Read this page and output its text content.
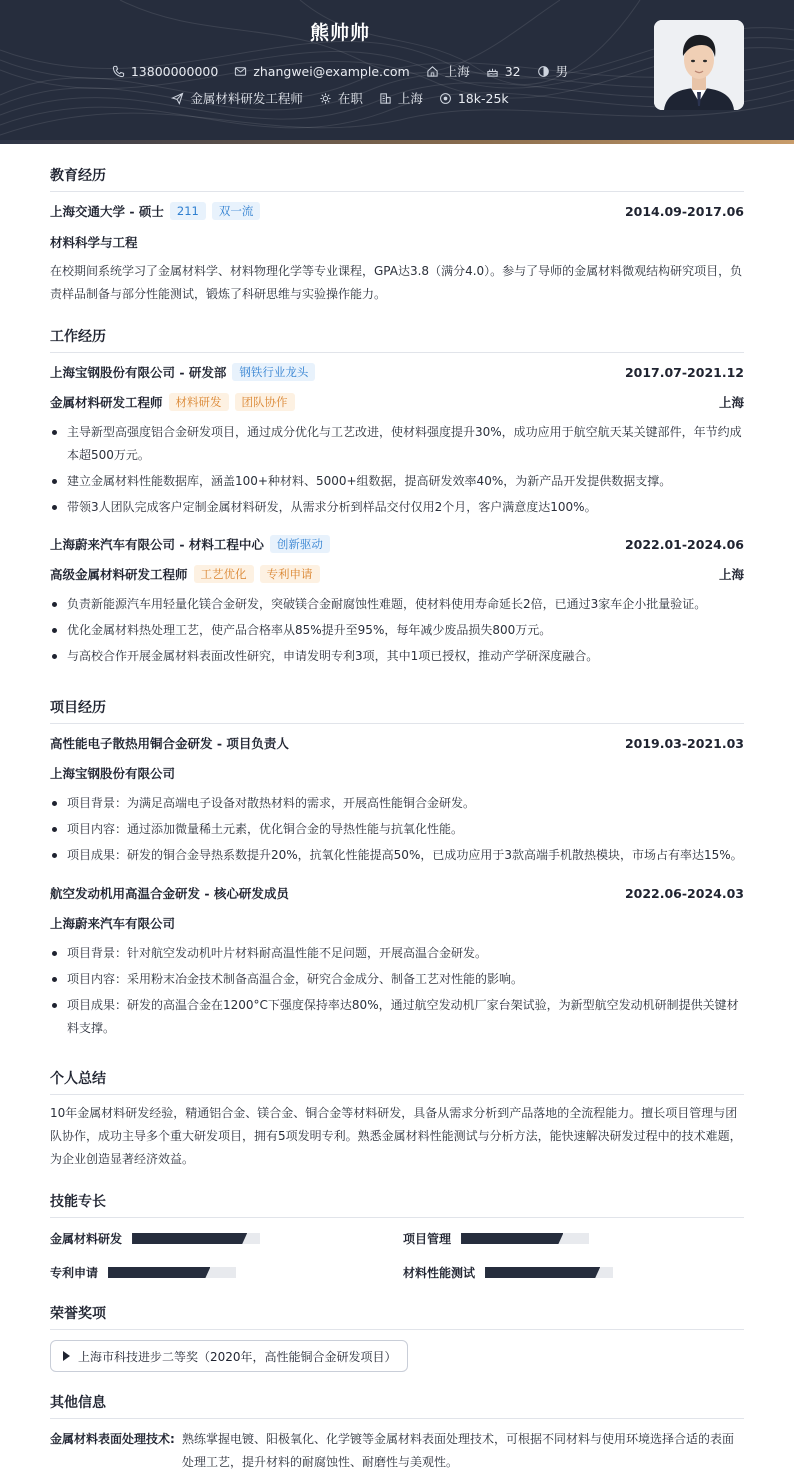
熊帅帅
13800000000	zhangwei@example.com	上海	32	男
金属材料研发工程师	在职	上海	18k-25k
教育经历
上海交通大学 - 硕士	211	双一流	2014.09-2017.06
材料科学与工程
在校期间系统学习了金属材料学、材料物理化学等专业课程，GPA达3.8（满分4.0）。参与了导师的金属材料微观结构研究项目，负责样品制备与部分性能测试，锻炼了科研思维与实验操作能力。
工作经历
上海宝钢股份有限公司 - 研发部	钢铁行业龙头	2017.07-2021.12
金属材料研发工程师	材料研发	团队协作	上海
主导新型高强度铝合金研发项目，通过成分优化与工艺改进，使材料强度提升30%，成功应用于航空航天某关键部件，年节约成本超500万元。
建立金属材料性能数据库，涵盖100+种材料、5000+组数据，提高研发效率40%，为新产品开发提供数据支撑。
带领3人团队完成客户定制金属材料研发，从需求分析到样品交付仅用2个月，客户满意度达100%。
上海蔚来汽车有限公司 - 材料工程中心	创新驱动	2022.01-2024.06
高级金属材料研发工程师	工艺优化	专利申请	上海
负责新能源汽车用轻量化镁合金研发，突破镁合金耐腐蚀性难题，使材料使用寿命延长2倍，已通过3家车企小批量验证。
优化金属材料热处理工艺，使产品合格率从85%提升至95%，每年减少废品损失800万元。
与高校合作开展金属材料表面改性研究，申请发明专利3项，其中1项已授权，推动产学研深度融合。
项目经历
高性能电子散热用铜合金研发 - 项目负责人	2019.03-2021.03
上海宝钢股份有限公司
项目背景：为满足高端电子设备对散热材料的需求，开展高性能铜合金研发。
项目内容：通过添加微量稀土元素，优化铜合金的导热性能与抗氧化性能。
项目成果：研发的铜合金导热系数提升20%，抗氧化性能提高50%，已成功应用于3款高端手机散热模块，市场占有率达15%。
航空发动机用高温合金研发 - 核心研发成员	2022.06-2024.03
上海蔚来汽车有限公司
项目背景：针对航空发动机叶片材料耐高温性能不足问题，开展高温合金研发。
项目内容：采用粉末冶金技术制备高温合金，研究合金成分、制备工艺对性能的影响。
项目成果：研发的高温合金在1200°C下强度保持率达80%，通过航空发动机厂家台架试验，为新型航空发动机研制提供关键材料支撑。
个人总结
10年金属材料研发经验，精通铝合金、镁合金、铜合金等材料研发，具备从需求分析到产品落地的全流程能力。擅长项目管理与团队协作，成功主导多个重大研发项目，拥有5项发明专利。熟悉金属材料性能测试与分析方法，能快速解决研发过程中的技术难题，为企业创造显著经济效益。
技能专长
金属材料研发	项目管理
专利申请	材料性能测试
荣誉奖项
上海市科技进步二等奖（2020年，高性能铜合金研发项目）
其他信息
金属材料表面处理技术: 熟练掌握电镀、阳极氧化、化学镀等金属材料表面处理技术，可根据不同材料与使用环境选择合适的表面处理工艺，提升材料的耐腐蚀性、耐磨性与美观性。
